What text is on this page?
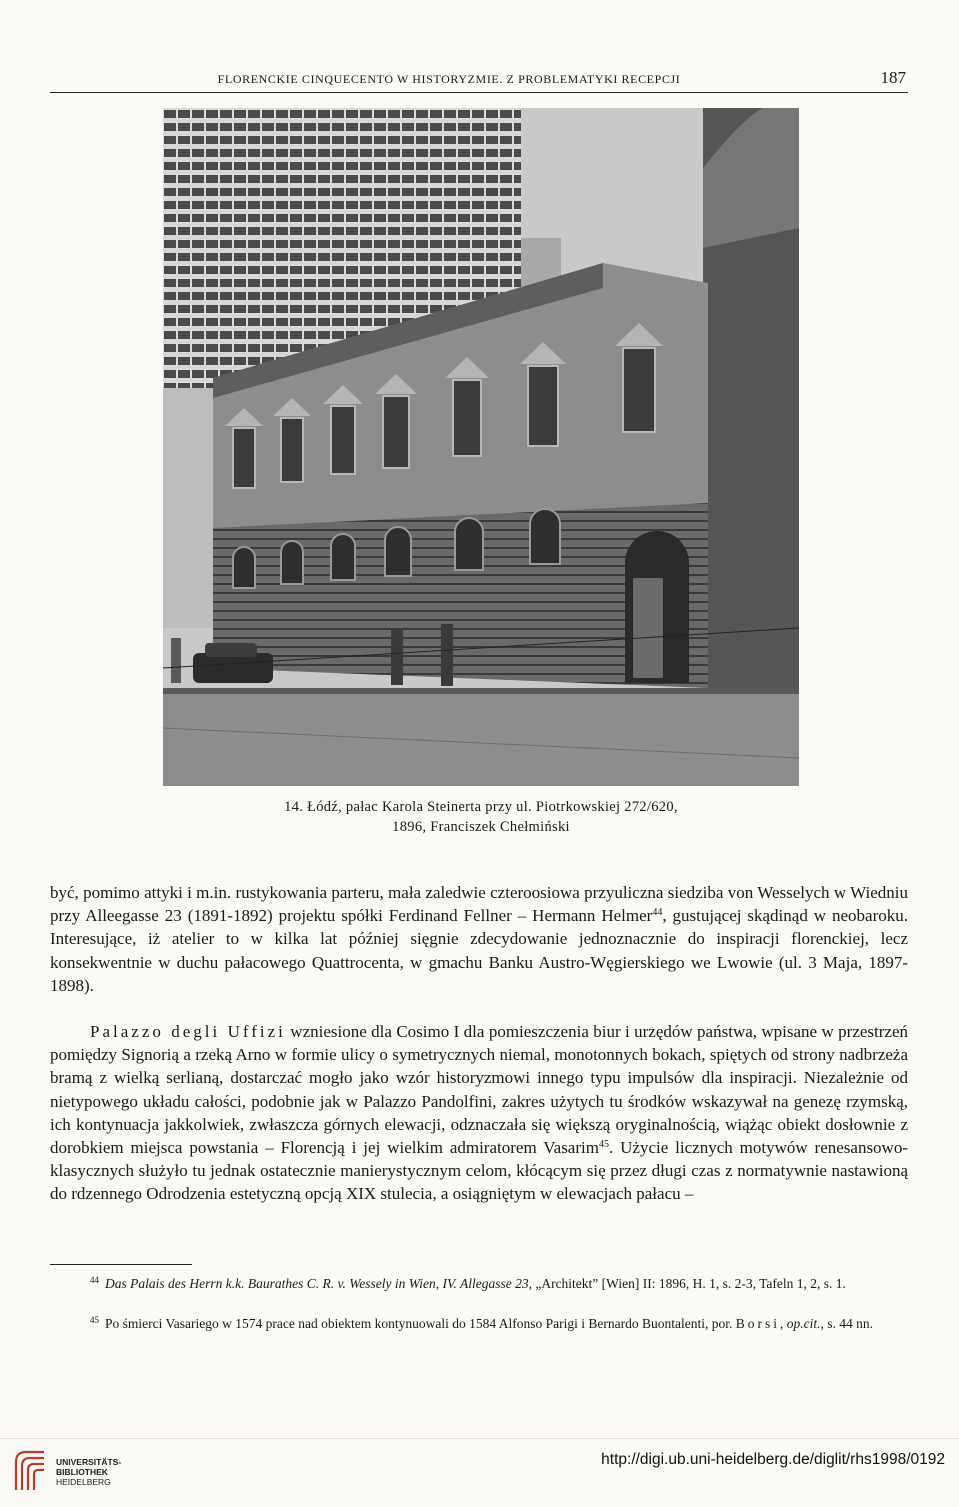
FLORENCKIE CINQUECENTO W HISTORYZMIE. Z PROBLEMATYKI RECEPCJI	187
14. Łódź, pałac Karola Steinerta przy ul. Piotrkowskiej 272/620,
1896, Franciszek Chełmiński
być, pomimo attyki i m.in. rustykowania parteru, mała zaledwie czteroosiowa przyuliczna siedziba von Wesselych w Wiedniu przy Alleegasse 23 (1891-1892) projektu spółki Ferdinand Fellner – Hermann Helmer$^{44}$, gustującej skądinąd w neobaroku. Interesujące, iż atelier to w kilka lat później sięgnie zdecydowanie jednoznacznie do inspiracji florenckiej, lecz konsekwentnie w duchu pałacowego Quattrocenta, w gmachu Banku Austro-Węgierskiego we Lwowie (ul. 3 Maja, 1897-1898).
Palazzo degli Uffizi wzniesione dla Cosimo I dla pomieszczenia biur i urzędów państwa, wpisane w przestrzeń pomiędzy Signorią a rzeką Arno w formie ulicy o symetrycznych niemal, monotonnych bokach, spiętych od strony nadbrzeża bramą z wielką serlianą, dostarczać mogło jako wzór historyzmowi innego typu impulsów dla inspiracji. Niezależnie od nietypowego układu całości, podobnie jak w Palazzo Pandolfini, zakres użytych tu środków wskazywał na genezę rzymską, ich kontynuacja jakkolwiek, zwłaszcza górnych elewacji, odznaczała się większą oryginalnością, wiążąc obiekt dosłownie z dorobkiem miejsca powstania – Florencją i jej wielkim admiratorem Vasarim$^{45}$. Użycie licznych motywów renesansowo-klasycznych służyło tu jednak ostatecznie manierystycznym celom, kłócącym się przez długi czas z normatywnie nastawioną do rdzennego Odrodzenia estetyczną opcją XIX stulecia, a osiągniętym w elewacjach pałacu –
$^{44}$ Das Palais des Herrn k.k. Baurathes C. R. v. Wessely in Wien, IV. Allegasse 23, „Architekt” [Wien] II: 1896, H. 1, s. 2-3, Tafeln 1, 2, s. 1.
$^{45}$ Po śmierci Vasariego w 1574 prace nad obiektem kontynuowali do 1584 Alfonso Parigi i Bernardo Buontalenti, por. Borsi, op.cit., s. 44 nn.
UNIVERSITÄTS-
BIBLIOTHEK
HEIDELBERG
http://digi.ub.uni-heidelberg.de/diglit/rhs1998/0192
